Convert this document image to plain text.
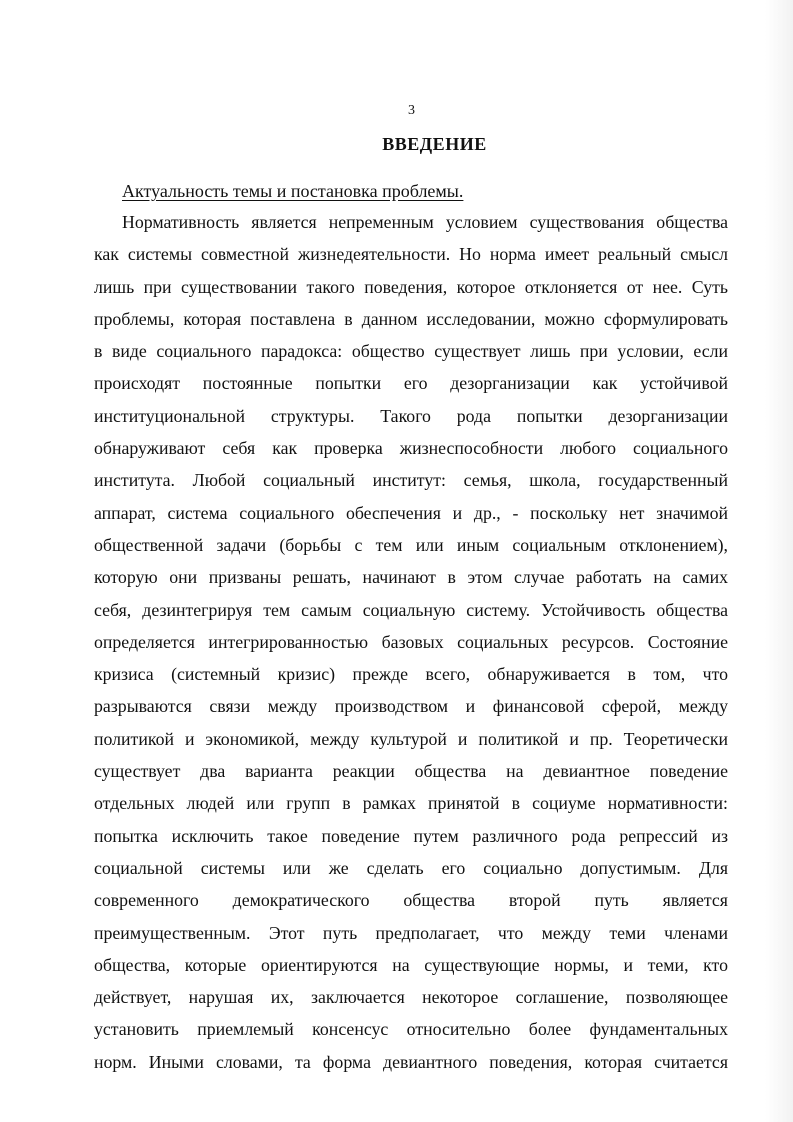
3
ВВЕДЕНИЕ
Актуальность темы и постановка проблемы.
Нормативность является непременным условием существования общества
как системы совместной жизнедеятельности. Но норма имеет реальный смысл
лишь при существовании такого поведения, которое отклоняется от нее. Суть
проблемы, которая поставлена в данном исследовании, можно сформулировать
в виде социального парадокса: общество существует лишь при условии, если
происходят постоянные попытки его дезорганизации как устойчивой
институциональной структуры. Такого рода попытки дезорганизации
обнаруживают себя как проверка жизнеспособности любого социального
института. Любой социальный институт: семья, школа, государственный
аппарат, система социального обеспечения и др., - поскольку нет значимой
общественной задачи (борьбы с тем или иным социальным отклонением),
которую они призваны решать, начинают в этом случае работать на самих
себя, дезинтегрируя тем самым социальную систему. Устойчивость общества
определяется интегрированностью базовых социальных ресурсов. Состояние
кризиса (системный кризис) прежде всего, обнаруживается в том, что
разрываются связи между производством и финансовой сферой, между
политикой и экономикой, между культурой и политикой и пр. Теоретически
существует два варианта реакции общества на девиантное поведение
отдельных людей или групп в рамках принятой в социуме нормативности:
попытка исключить такое поведение путем различного рода репрессий из
социальной системы или же сделать его социально допустимым. Для
современного демократического общества второй путь является
преимущественным. Этот путь предполагает, что между теми членами
общества, которые ориентируются на существующие нормы, и теми, кто
действует, нарушая их, заключается некоторое соглашение, позволяющее
установить приемлемый консенсус относительно более фундаментальных
норм. Иными словами, та форма девиантного поведения, которая считается
